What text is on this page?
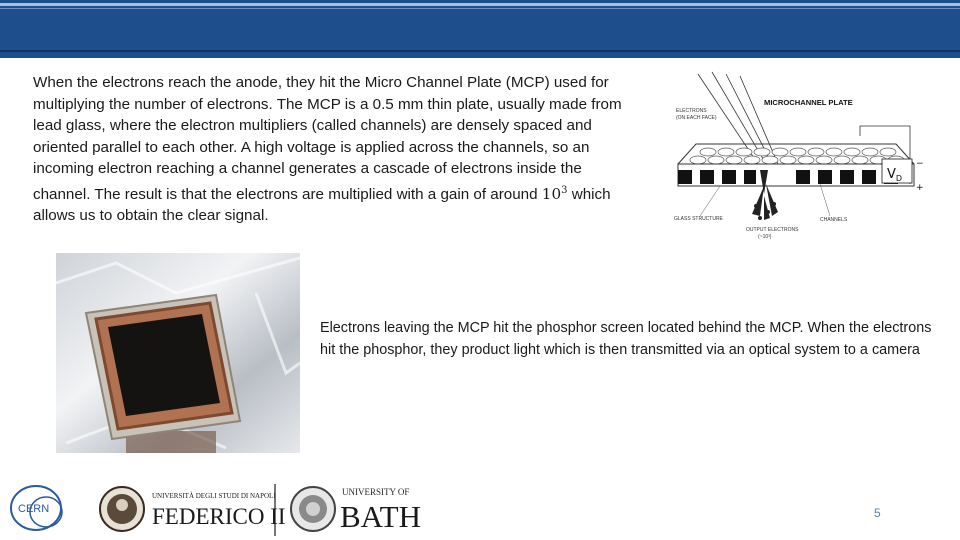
When the electrons reach the anode, they hit the Micro Channel Plate (MCP) used for multiplying the number of electrons. The MCP is a 0.5 mm thin plate, usually made from lead glass, where the electron multipliers (called channels) are densely spaced and oriented parallel to each other. A high voltage is applied across the channels, so an incoming electron reaching a channel generates a cascade of electrons inside the channel. The result is that the electrons are multiplied with a gain of around $10^3$ which allows us to obtain the clear signal.
$V_D$
−
+
MICROCHANNEL PLATE
ELECTRONS
(ON EACH FACE)
GLASS STRUCTURE
OUTPUT ELECTRONS
(~10³)
CHANNELS
Electrons leaving the MCP hit the phosphor screen located behind the MCP. When the electrons hit the phosphor, they product light which is then transmitted via an optical system to a camera
CERN
UNIVERSITÀ DEGLI STUDI DI NAPOLI
FEDERICO II
UNIVERSITY OF
BATH	5
